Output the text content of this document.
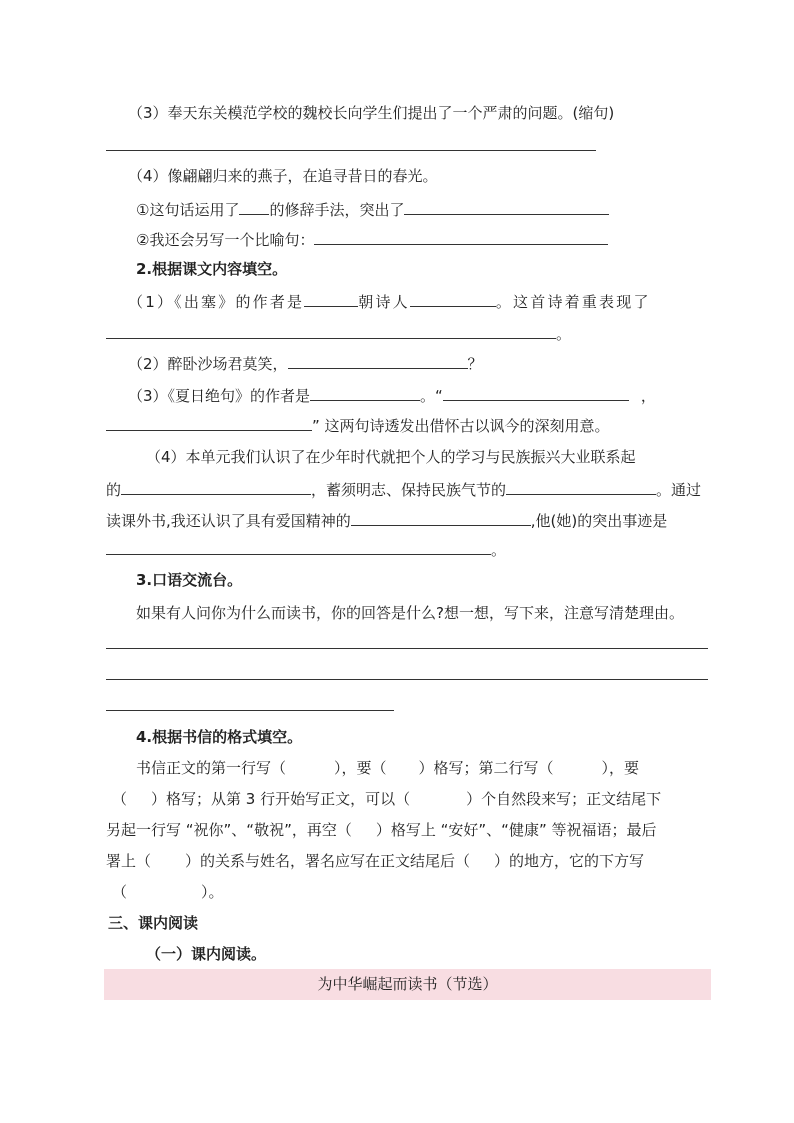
（3）奉天东关模范学校的魏校长向学生们提出了一个严肃的问题。(缩句)
（4）像翩翩归来的燕子，在追寻昔日的春光。
①这句话运用了 的修辞手法，突出了
②我还会另写一个比喻句：
2.根据课文内容填空。
（1）《出塞》的作者是	朝诗人	。这首诗着重表现了
。
（2）醉卧沙场君莫笑，	？
（3）《夏日绝句》的作者是	。“	，
” 这两句诗透发出借怀古以讽今的深刻用意。
（4）本单元我们认识了在少年时代就把个人的学习与民族振兴大业联系起
的	，蓄须明志、保持民族气节的	。通过
读课外书,我还认识了具有爱国精神的	,他(她)的突出事迹是
。
3.口语交流台。
如果有人问你为什么而读书，你的回答是什么?想一想，写下来，注意写清楚理由。
4.根据书信的格式填空。
书信正文的第一行写（	），要（ ）格写；第二行写（	），要
（ ）格写；从第 3 行开始写正文，可以（	）个自然段来写；正文结尾下
另起一行写 “祝你”、“敬祝”，再空（ ）格写上 “安好”、“健康” 等祝福语；最后
署上（ ）的关系与姓名，署名应写在正文结尾后（ ）的地方，它的下方写
（	）。
三、课内阅读
（一）课内阅读。
为中华崛起而读书（节选）
